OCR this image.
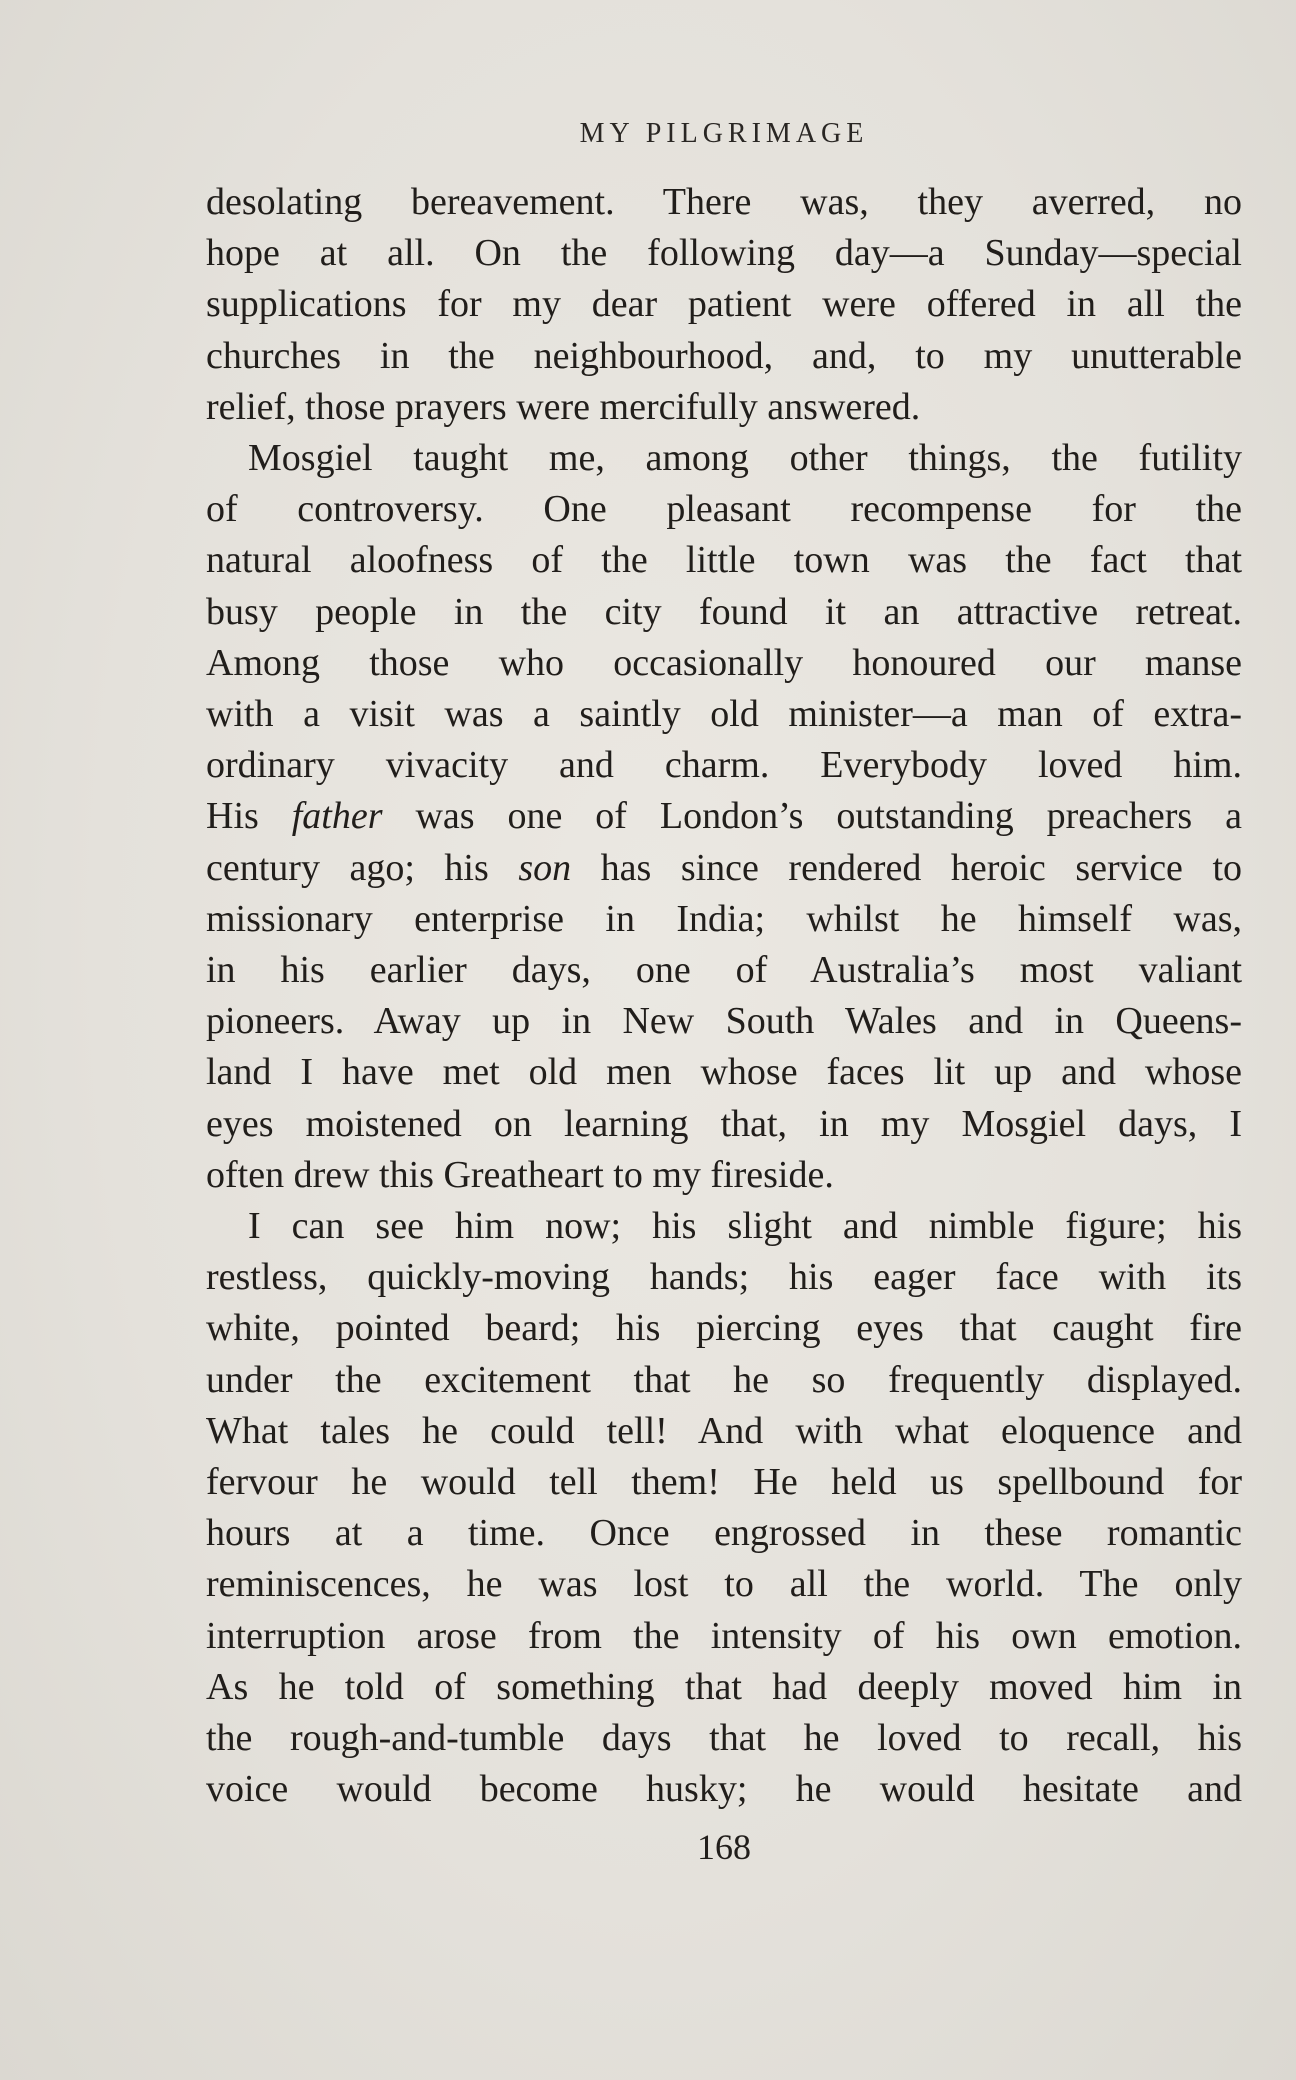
MY PILGRIMAGE
desolating bereavement. There was, they averred, no
hope at all. On the following day—a Sunday—special
supplications for my dear patient were offered in all the
churches in the neighbourhood, and, to my unutterable
relief, those prayers were mercifully answered.
Mosgiel taught me, among other things, the futility
of controversy. One pleasant recompense for the
natural aloofness of the little town was the fact that
busy people in the city found it an attractive retreat.
Among those who occasionally honoured our manse
with a visit was a saintly old minister—a man of extra-
ordinary vivacity and charm. Everybody loved him.
His father was one of London’s outstanding preachers a
century ago; his son has since rendered heroic service to
missionary enterprise in India; whilst he himself was,
in his earlier days, one of Australia’s most valiant
pioneers. Away up in New South Wales and in Queens-
land I have met old men whose faces lit up and whose
eyes moistened on learning that, in my Mosgiel days, I
often drew this Greatheart to my fireside.
I can see him now; his slight and nimble figure; his
restless, quickly-moving hands; his eager face with its
white, pointed beard; his piercing eyes that caught fire
under the excitement that he so frequently displayed.
What tales he could tell! And with what eloquence and
fervour he would tell them! He held us spellbound for
hours at a time. Once engrossed in these romantic
reminiscences, he was lost to all the world. The only
interruption arose from the intensity of his own emotion.
As he told of something that had deeply moved him in
the rough-and-tumble days that he loved to recall, his
voice would become husky; he would hesitate and
168
